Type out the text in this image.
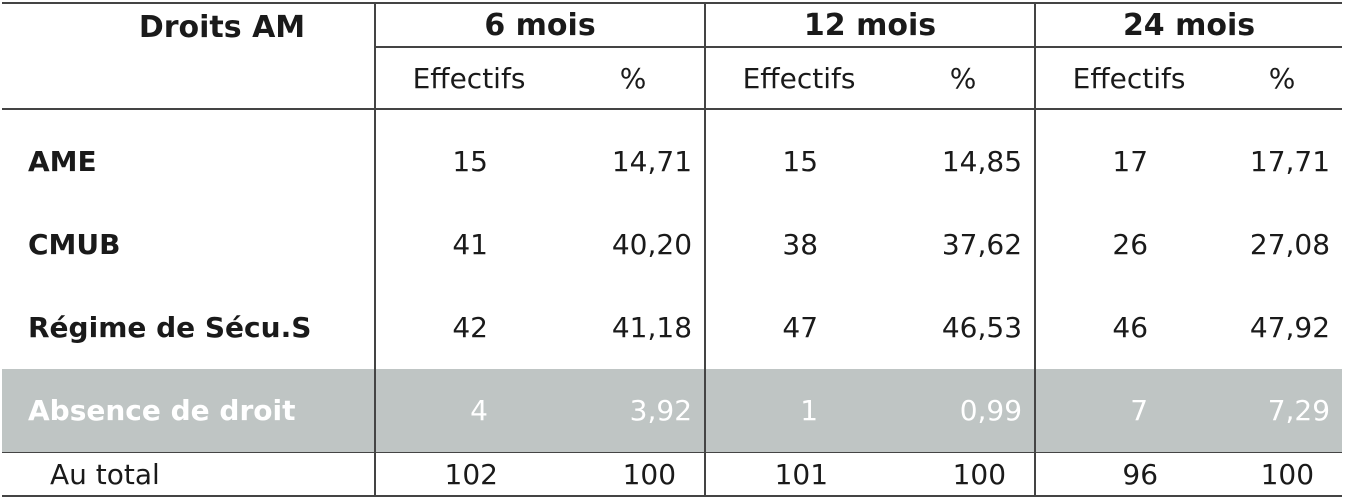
Droits AM	6 mois		12 mois		24 mois	
	Effectifs	%	Effectifs	%	Effectifs	%
AME	15	14,71	15	14,85	17	17,71
CMUB	41	40,20	38	37,62	26	27,08
Régime de Sécu.S	42	41,18	47	46,53	46	47,92
Absence de droit	4	3,92	1	0,99	7	7,29
Au total	102	100	101	100	96	100
